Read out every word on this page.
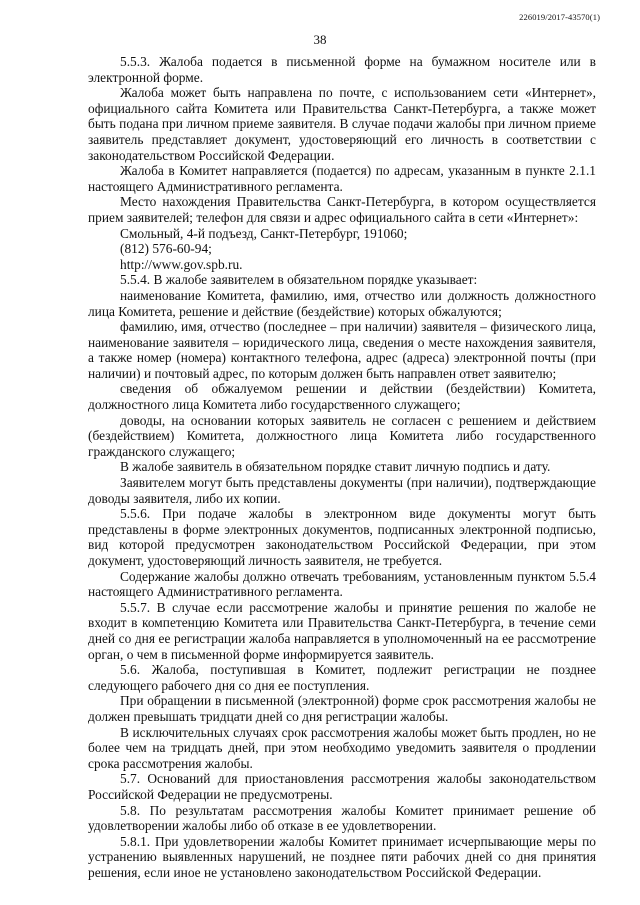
226019/2017-43570(1)
38

5.5.3. Жалоба подается в письменной форме на бумажном носителе или в электронной форме.

Жалоба может быть направлена по почте, с использованием сети «Интернет», официального сайта Комитета или Правительства Санкт-Петербурга, а также может быть подана при личном приеме заявителя. В случае подачи жалобы при личном приеме заявитель представляет документ, удостоверяющий его личность в соответствии с законодательством Российской Федерации.

Жалоба в Комитет направляется (подается) по адресам, указанным в пункте 2.1.1 настоящего Административного регламента.

Место нахождения Правительства Санкт-Петербурга, в котором осуществляется прием заявителей; телефон для связи и адрес официального сайта в сети «Интернет»:

Смольный, 4-й подъезд, Санкт-Петербург, 191060;

(812) 576-60-94;

http://www.gov.spb.ru.

5.5.4. В жалобе заявителем в обязательном порядке указывает:

наименование Комитета, фамилию, имя, отчество или должность должностного лица Комитета, решение и действие (бездействие) которых обжалуются;

фамилию, имя, отчество (последнее – при наличии) заявителя – физического лица, наименование заявителя – юридического лица, сведения о месте нахождения заявителя, а также номер (номера) контактного телефона, адрес (адреса) электронной почты (при наличии) и почтовый адрес, по которым должен быть направлен ответ заявителю;

сведения об обжалуемом решении и действии (бездействии) Комитета, должностного лица Комитета либо государственного служащего;

доводы, на основании которых заявитель не согласен с решением и действием (бездействием) Комитета, должностного лица Комитета либо государственного гражданского служащего;

В жалобе заявитель в обязательном порядке ставит личную подпись и дату.

Заявителем могут быть представлены документы (при наличии), подтверждающие доводы заявителя, либо их копии.

5.5.6. При подаче жалобы в электронном виде документы могут быть представлены в форме электронных документов, подписанных электронной подписью, вид которой предусмотрен законодательством Российской Федерации, при этом документ, удостоверяющий личность заявителя, не требуется.

Содержание жалобы должно отвечать требованиям, установленным пунктом 5.5.4 настоящего Административного регламента.

5.5.7. В случае если рассмотрение жалобы и принятие решения по жалобе не входит в компетенцию Комитета или Правительства Санкт-Петербурга, в течение семи дней со дня ее регистрации жалоба направляется в уполномоченный на ее рассмотрение орган, о чем в письменной форме информируется заявитель.

5.6. Жалоба, поступившая в Комитет, подлежит регистрации не позднее следующего рабочего дня со дня ее поступления.

При обращении в письменной (электронной) форме срок рассмотрения жалобы не должен превышать тридцати дней со дня регистрации жалобы.

В исключительных случаях срок рассмотрения жалобы может быть продлен, но не более чем на тридцать дней, при этом необходимо уведомить заявителя о продлении срока рассмотрения жалобы.

5.7. Оснований для приостановления рассмотрения жалобы законодательством Российской Федерации не предусмотрены.

5.8. По результатам рассмотрения жалобы Комитет принимает решение об удовлетворении жалобы либо об отказе в ее удовлетворении.

5.8.1. При удовлетворении жалобы Комитет принимает исчерпывающие меры по устранению выявленных нарушений, не позднее пяти рабочих дней со дня принятия решения, если иное не установлено законодательством Российской Федерации.
